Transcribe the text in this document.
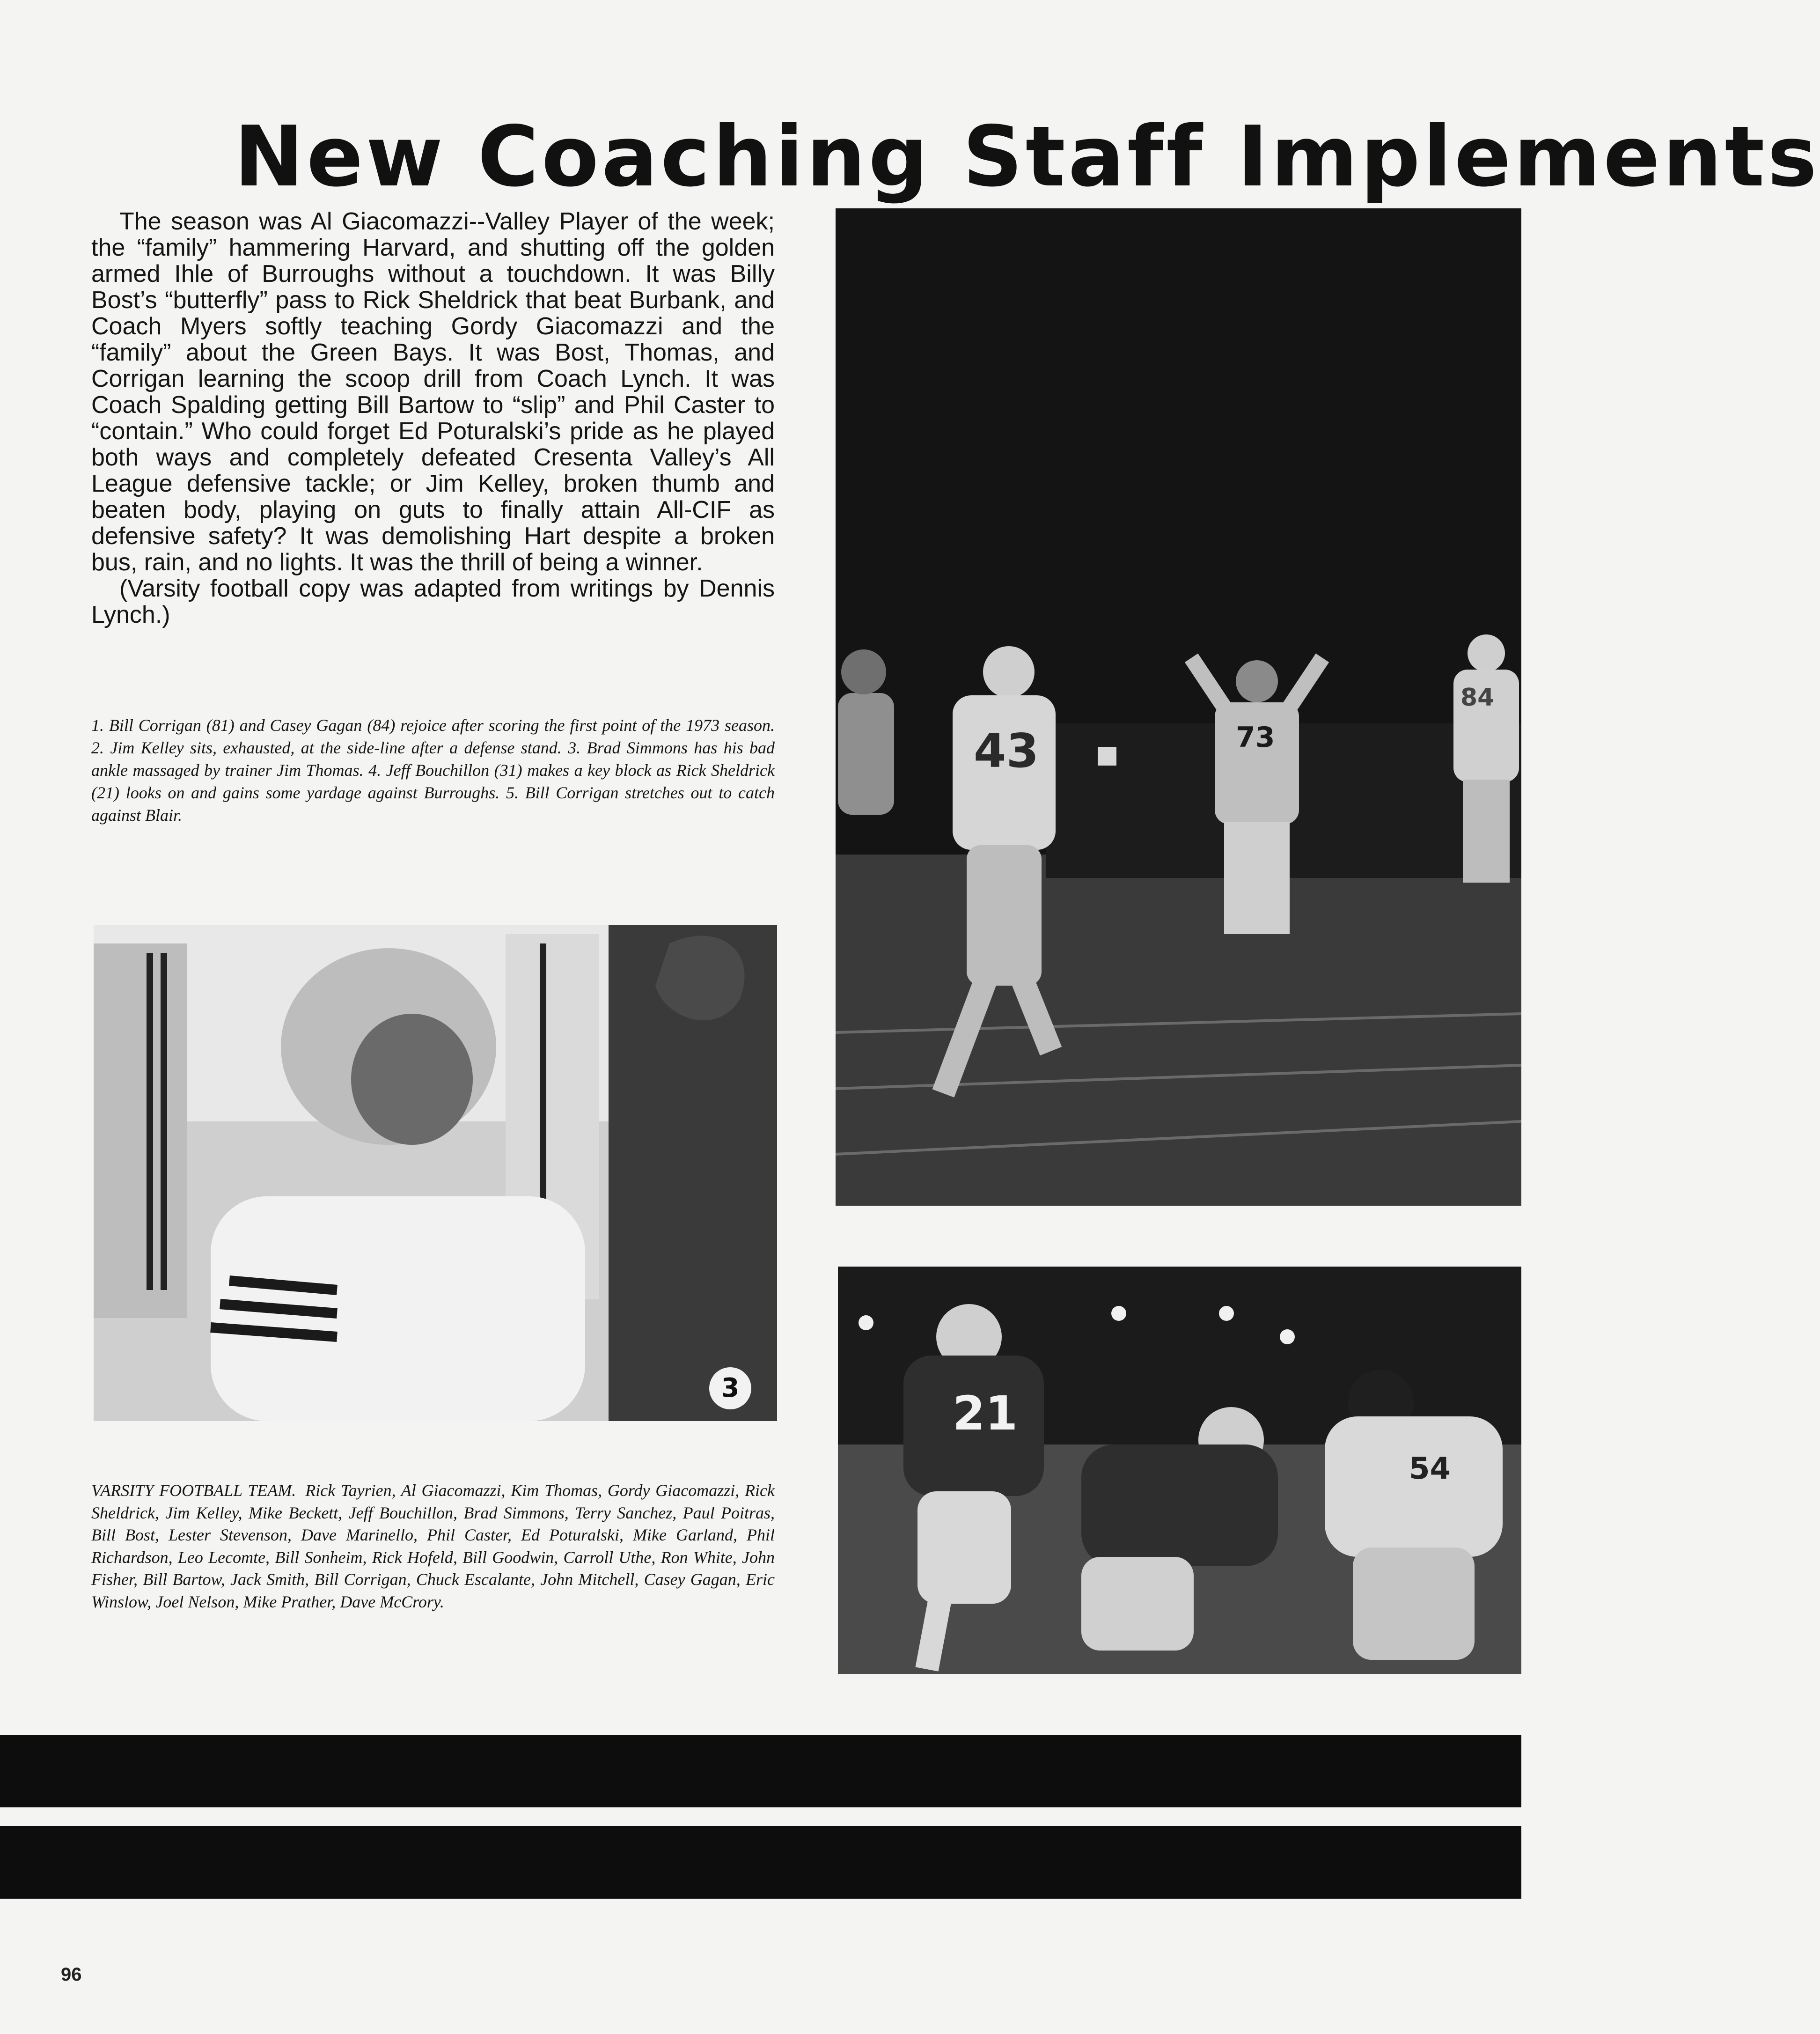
New Coaching Staff Implements

The season was Al Giacomazzi--Valley Player of the week; the “family” hammering Harvard, and shutting off the golden armed Ihle of Burroughs without a touchdown. It was Billy Bost’s “butterfly” pass to Rick Sheldrick that beat Burbank, and Coach Myers softly teaching Gordy Giacomazzi and the “family” about the Green Bays. It was Bost, Thomas, and Corrigan learning the scoop drill from Coach Lynch. It was Coach Spalding getting Bill Bartow to “slip” and Phil Caster to “contain.” Who could forget Ed Poturalski’s pride as he played both ways and completely defeated Cresenta Valley’s All League defensive tackle; or Jim Kelley, broken thumb and beaten body, playing on guts to finally attain All-CIF as defensive safety? It was demolishing Hart despite a broken bus, rain, and no lights. It was the thrill of being a winner.

(Varsity football copy was adapted from writings by Dennis Lynch.)

1. Bill Corrigan (81) and Casey Gagan (84) rejoice after scoring the first point of the 1973 season. 2. Jim Kelley sits, exhausted, at the side-line after a defense stand. 3. Brad Simmons has his bad ankle massaged by trainer Jim Thomas. 4. Jeff Bouchillon (31) makes a key block as Rick Sheldrick (21) looks on and gains some yardage against Burroughs. 5. Bill Corrigan stretches out to catch against Blair.
43	73
84
3	21
54
VARSITY FOOTBALL TEAM. Rick Tayrien, Al Giacomazzi, Kim Thomas, Gordy Giacomazzi, Rick Sheldrick, Jim Kelley, Mike Beckett, Jeff Bouchillon, Brad Simmons, Terry Sanchez, Paul Poitras, Bill Bost, Lester Stevenson, Dave Marinello, Phil Caster, Ed Poturalski, Mike Garland, Phil Richardson, Leo Lecomte, Bill Sonheim, Rick Hofeld, Bill Goodwin, Carroll Uthe, Ron White, John Fisher, Bill Bartow, Jack Smith, Bill Corrigan, Chuck Escalante, John Mitchell, Casey Gagan, Eric Winslow, Joel Nelson, Mike Prather, Dave McCrory.
96
